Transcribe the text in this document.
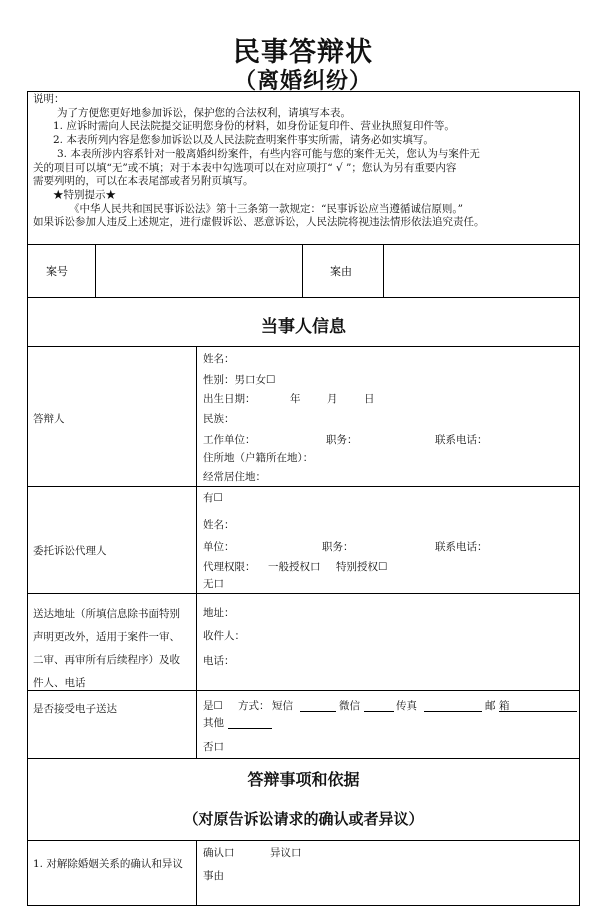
民事答辩状
（离婚纠纷）
说明：
为了方便您更好地参加诉讼，保护您的合法权利，请填写本表。
1. 应诉时需向人民法院提交证明您身份的材料，如身份证复印件、营业执照复印件等。
2. 本表所列内容是您参加诉讼以及人民法院查明案件事实所需，请务必如实填写。
3. 本表所涉内容系针对一般离婚纠纷案件，有些内容可能与您的案件无关，您认为与案件无
关的项目可以填“无”或不填；对于本表中勾选项可以在对应项打“ √ ”；您认为另有重要内容
需要列明的，可以在本表尾部或者另附页填写。
★特别提示★
《中华人民共和国民事诉讼法》第十三条第一款规定：“民事诉讼应当遵循诚信原则。”
如果诉讼参加人违反上述规定，进行虚假诉讼、恶意诉讼，人民法院将视违法情形依法追究责任。
案号	案由
当事人信息
答辩人
姓名：
性别：男口女☐
出生日期：	年	月	日
民族：
工作单位：	职务：	联系电话：
住所地（户籍所在地）：
经常居住地：
委托诉讼代理人
有☐
姓名：
单位：	职务：	联系电话：
代理权限： 一般授权口 特别授权☐
无口
送达地址（所填信息除书面特别
声明更改外，适用于案件一审、
二审、再审所有后续程序）及收
件人、电话
地址：
收件人：
电话：
是否接受电子送达	是☐ 方式： 短信	微信	传真	邮 箱
其他
否口
答辩事项和依据
（对原告诉讼请求的确认或者异议）
1. 对解除婚姻关系的确认和异议
确认口	异议口
事由
